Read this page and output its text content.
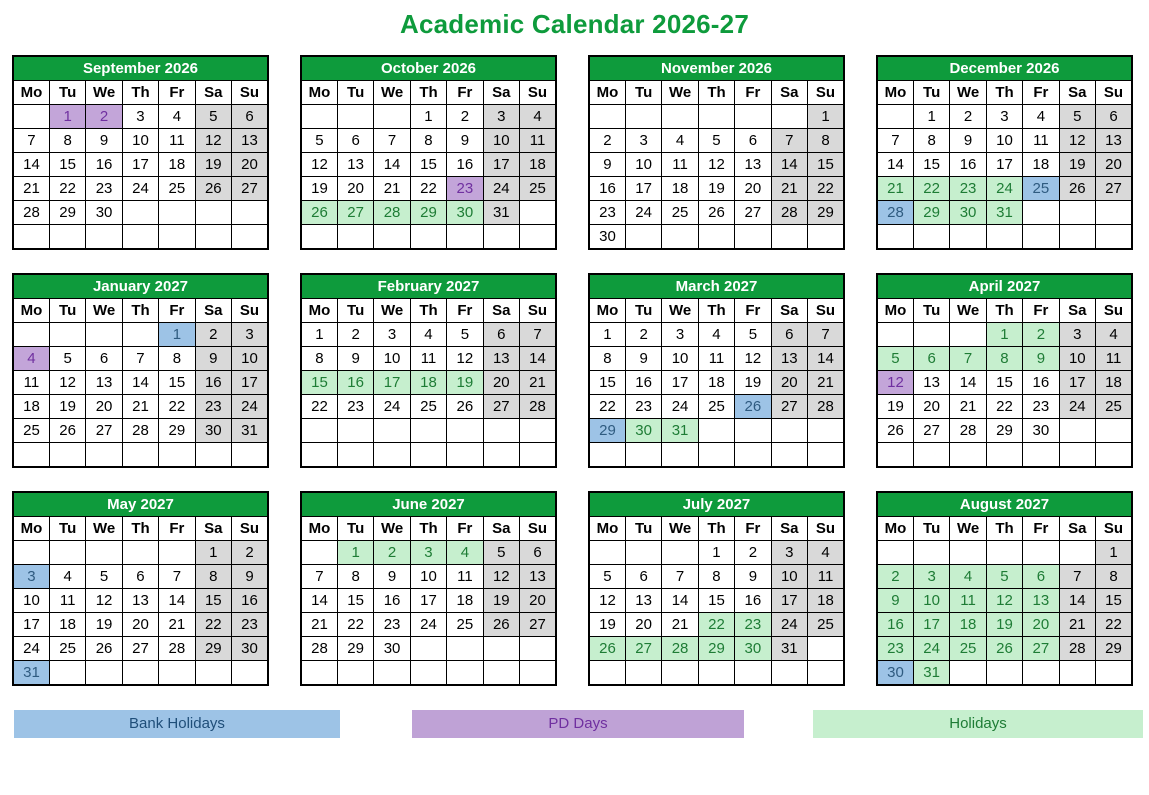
Academic Calendar 2026-27
September 2026						
Mo	Tu	We	Th	Fr	Sa	Su
	1	2	3	4	5	6
7	8	9	10	11	12	13
14	15	16	17	18	19	20
21	22	23	24	25	26	27
28	29	30				

October 2026						
Mo	Tu	We	Th	Fr	Sa	Su
			1	2	3	4
5	6	7	8	9	10	11
12	13	14	15	16	17	18
19	20	21	22	23	24	25
26	27	28	29	30	31	

November 2026						
Mo	Tu	We	Th	Fr	Sa	Su
						1
2	3	4	5	6	7	8
9	10	11	12	13	14	15
16	17	18	19	20	21	22
23	24	25	26	27	28	29
30						
December 2026						
Mo	Tu	We	Th	Fr	Sa	Su
	1	2	3	4	5	6
7	8	9	10	11	12	13
14	15	16	17	18	19	20
21	22	23	24	25	26	27
28	29	30	31			

January 2027						
Mo	Tu	We	Th	Fr	Sa	Su
				1	2	3
4	5	6	7	8	9	10
11	12	13	14	15	16	17
18	19	20	21	22	23	24
25	26	27	28	29	30	31

February 2027						
Mo	Tu	We	Th	Fr	Sa	Su
1	2	3	4	5	6	7
8	9	10	11	12	13	14
15	16	17	18	19	20	21
22	23	24	25	26	27	28

March 2027						
Mo	Tu	We	Th	Fr	Sa	Su
1	2	3	4	5	6	7
8	9	10	11	12	13	14
15	16	17	18	19	20	21
22	23	24	25	26	27	28
29	30	31				

April 2027						
Mo	Tu	We	Th	Fr	Sa	Su
			1	2	3	4
5	6	7	8	9	10	11
12	13	14	15	16	17	18
19	20	21	22	23	24	25
26	27	28	29	30		

May 2027						
Mo	Tu	We	Th	Fr	Sa	Su
					1	2
3	4	5	6	7	8	9
10	11	12	13	14	15	16
17	18	19	20	21	22	23
24	25	26	27	28	29	30
31						
June 2027						
Mo	Tu	We	Th	Fr	Sa	Su
	1	2	3	4	5	6
7	8	9	10	11	12	13
14	15	16	17	18	19	20
21	22	23	24	25	26	27
28	29	30				

July 2027						
Mo	Tu	We	Th	Fr	Sa	Su
			1	2	3	4
5	6	7	8	9	10	11
12	13	14	15	16	17	18
19	20	21	22	23	24	25
26	27	28	29	30	31	

August 2027						
Mo	Tu	We	Th	Fr	Sa	Su
						1
2	3	4	5	6	7	8
9	10	11	12	13	14	15
16	17	18	19	20	21	22
23	24	25	26	27	28	29
30	31					
Bank Holidays	PD Days	Holidays
